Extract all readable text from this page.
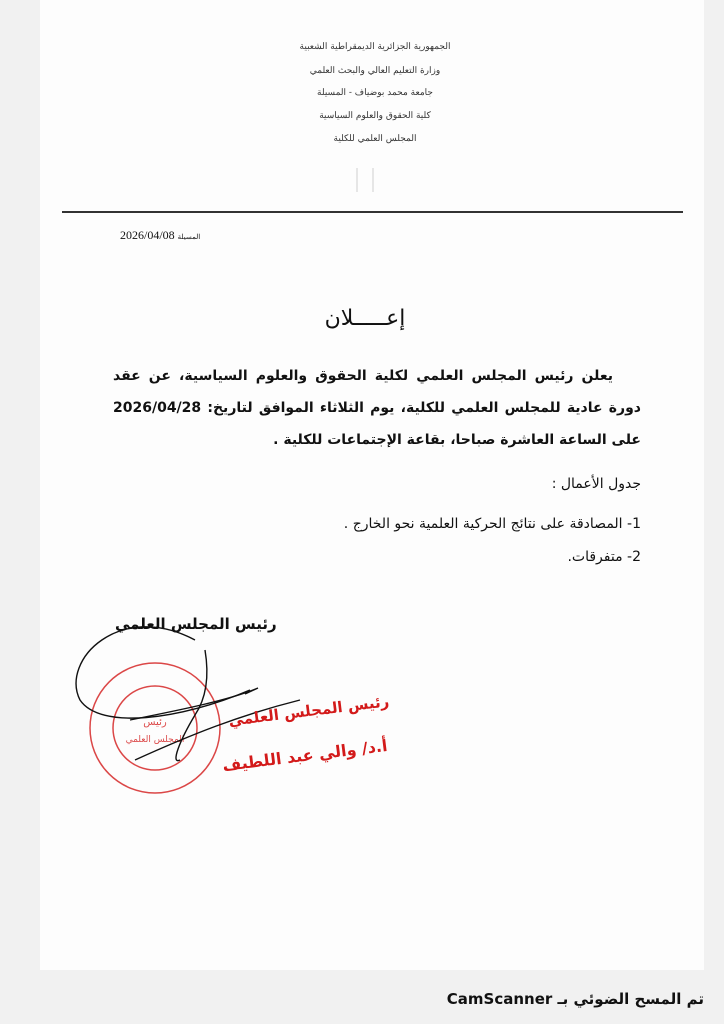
الجمهورية الجزائرية الديمقراطية الشعبية
وزارة التعليم العالي والبحث العلمي
جامعة محمد بوضياف - المسيلة
كلية الحقوق والعلوم السياسية
المجلس العلمي للكلية
2026/04/08 المسيلة
إعـــــلان
يعلن رئيس المجلس العلمي لكلية الحقوق والعلوم السياسية، عن عقد دورة عادية للمجلس العلمي للكلية، يوم الثلاثاء الموافق لتاريخ: 2026/04/28 على الساعة العاشرة صباحا، بقاعة الإجتماعات للكلية .
جدول الأعمال :
1- المصادقة على نتائج الحركية العلمية نحو الخارج .
2- متفرقات.
رئيس المجلس العلمي
رئيس
المجلس العلمي
رئيس المجلس العلمي
أ.د/ والي عبد اللطيف
تم المسح الضوئي بـ CamScanner
